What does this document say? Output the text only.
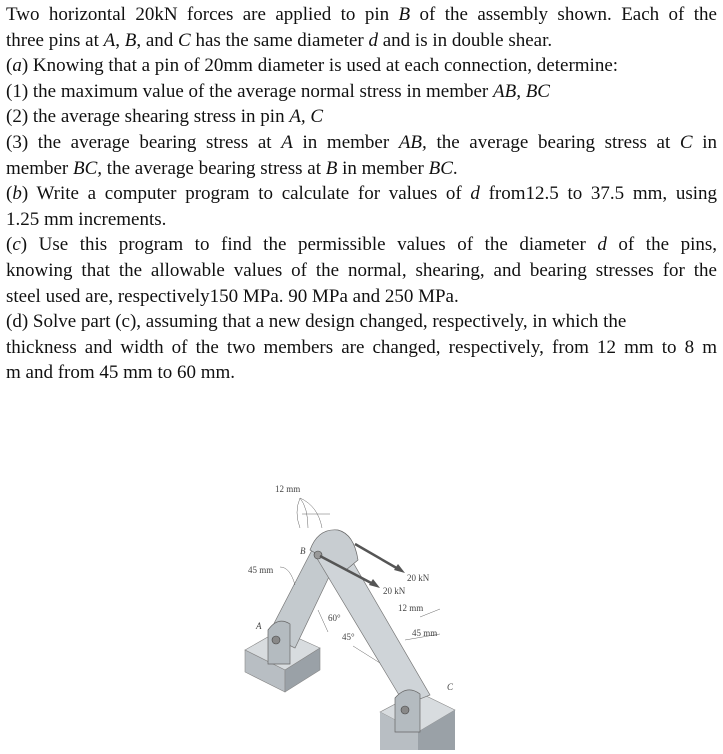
Two horizontal 20kN forces are applied to pin B of the assembly shown. Each of the
three pins at A, B, and C has the same diameter d and is in double shear.
(a) Knowing that a pin of 20mm diameter is used at each connection, determine:
(1) the maximum value of the average normal stress in member AB, BC
(2) the average shearing stress in pin A, C
(3) the average bearing stress at A in member AB, the average bearing stress at C in
member BC, the average bearing stress at B in member BC.
(b) Write a computer program to calculate for values of d from12.5 to 37.5 mm, using
1.25 mm increments.
(c) Use this program to find the permissible values of the diameter d of the pins,
knowing that the allowable values of the normal, shearing, and bearing stresses for the
steel used are, respectively150 MPa. 90 MPa and 250 MPa.
(d) Solve part (c), assuming that a new design changed, respectively, in which the
thickness and width of the two members are changed, respectively, from 12 mm to 8 m
m and from 45 mm to 60 mm.
12 mm
45 mm
B
A
C
20 kN
20 kN
12 mm
45 mm
60°
45°
